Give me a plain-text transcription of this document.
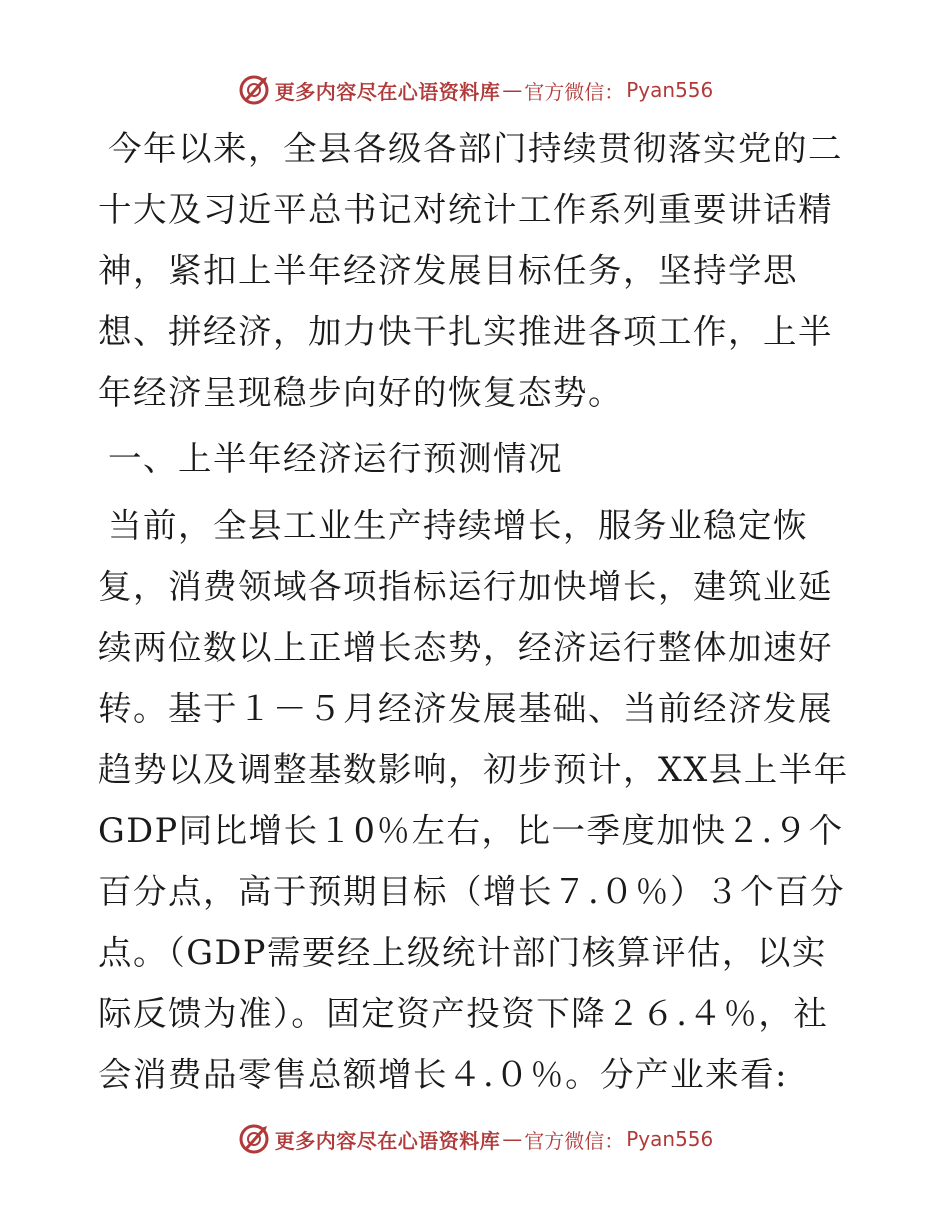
更多内容尽在心语资料库 — 官方微信： Pyan556

今年以来，全县各级各部门持续贯彻落实党的二十大及习近平总书记对统计工作系列重要讲话精神，紧扣上半年经济发展目标任务，坚持学思想、拼经济，加力快干扎实推进各项工作，上半年经济呈现稳步向好的恢复态势。

一、上半年经济运行预测情况

当前，全县工业生产持续增长，服务业稳定恢复，消费领域各项指标运行加快增长，建筑业延续两位数以上正增长态势，经济运行整体加速好转。基于１－５月经济发展基础、当前经济发展趋势以及调整基数影响，初步预计，XX县上半年GDP同比增长１0％左右，比一季度加快２.９个百分点，高于预期目标（增长７.０％）３个百分点。（GDP需要经上级统计部门核算评估，以实际反馈为准）。固定资产投资下降２６.４％，社会消费品零售总额增长４.０％。分产业来看:

更多内容尽在心语资料库 — 官方微信： Pyan556
